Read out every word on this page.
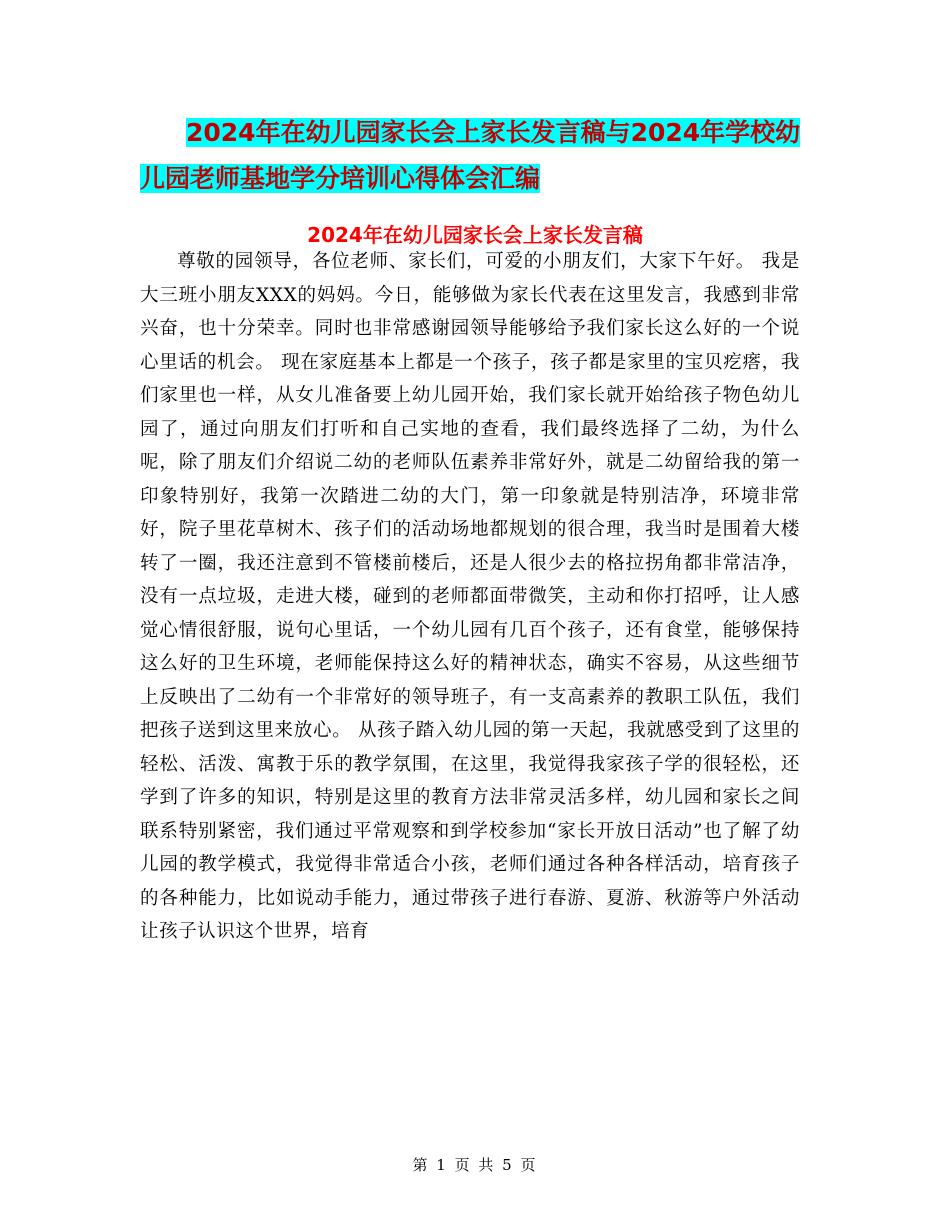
2024年在幼儿园家长会上家长发言稿与2024年学校幼
儿园老师基地学分培训心得体会汇编
2024年在幼儿园家长会上家长发言稿

尊敬的园领导，各位老师、家长们，可爱的小朋友们，大家下午好。 我是大三班小朋友XXX的妈妈。今日，能够做为家长代表在这里发言，我感到非常兴奋，也十分荣幸。同时也非常感谢园领导能够给予我们家长这么好的一个说心里话的机会。 现在家庭基本上都是一个孩子，孩子都是家里的宝贝疙瘩，我们家里也一样，从女儿准备要上幼儿园开始，我们家长就开始给孩子物色幼儿园了，通过向朋友们打听和自己实地的查看，我们最终选择了二幼，为什么呢，除了朋友们介绍说二幼的老师队伍素养非常好外，就是二幼留给我的第一印象特别好，我第一次踏进二幼的大门，第一印象就是特别洁净，环境非常好，院子里花草树木、孩子们的活动场地都规划的很合理，我当时是围着大楼转了一圈，我还注意到不管楼前楼后，还是人很少去的格拉拐角都非常洁净，没有一点垃圾，走进大楼，碰到的老师都面带微笑，主动和你打招呼，让人感觉心情很舒服，说句心里话，一个幼儿园有几百个孩子，还有食堂，能够保持这么好的卫生环境，老师能保持这么好的精神状态，确实不容易，从这些细节上反映出了二幼有一个非常好的领导班子，有一支高素养的教职工队伍，我们把孩子送到这里来放心。 从孩子踏入幼儿园的第一天起，我就感受到了这里的轻松、活泼、寓教于乐的教学氛围，在这里，我觉得我家孩子学的很轻松，还学到了许多的知识，特别是这里的教育方法非常灵活多样，幼儿园和家长之间联系特别紧密，我们通过平常观察和到学校参加“家长开放日活动”也了解了幼儿园的教学模式，我觉得非常适合小孩，老师们通过各种各样活动，培育孩子的各种能力，比如说动手能力，通过带孩子进行春游、夏游、秋游等户外活动让孩子认识这个世界，培育

第 1 页 共 5 页
